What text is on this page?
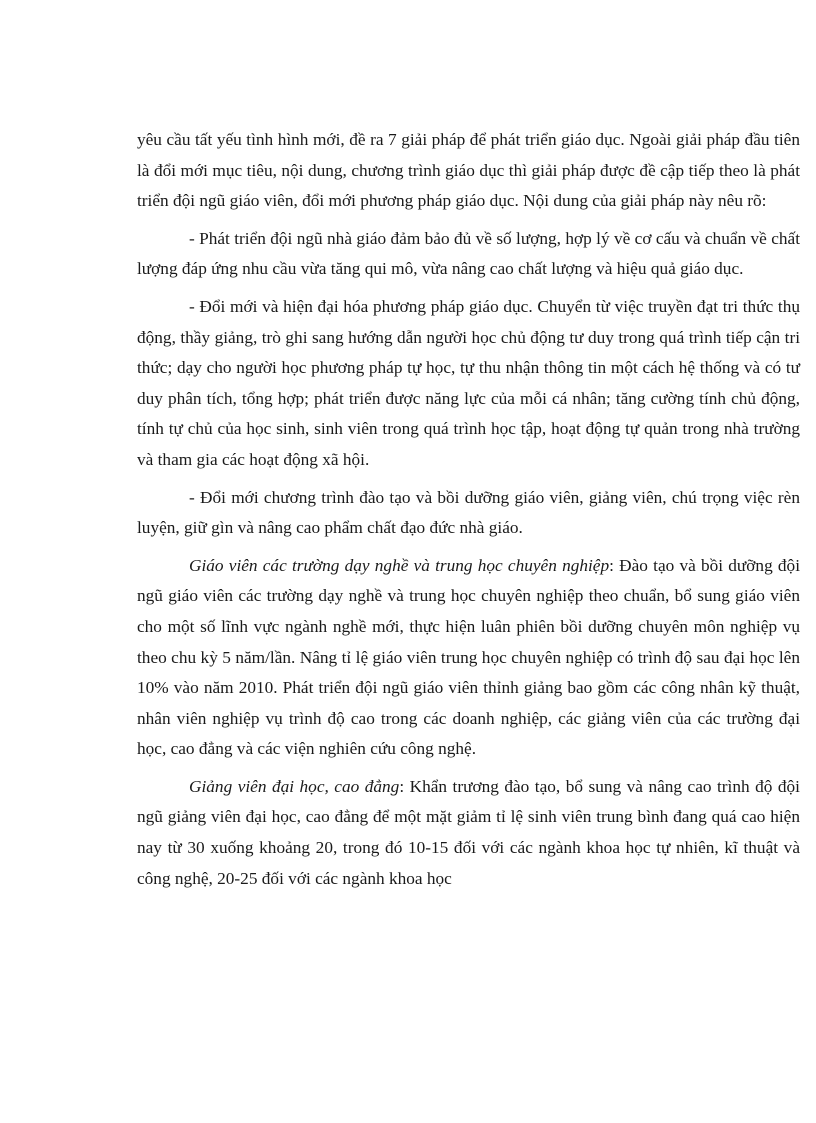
yêu cầu tất yếu tình hình mới, đề ra 7 giải pháp để phát triển giáo dục. Ngoài giải pháp đầu tiên là đổi mới mục tiêu, nội dung, chương trình giáo dục thì giải pháp được đề cập tiếp theo là phát triển đội ngũ giáo viên, đổi mới phương pháp giáo dục. Nội dung của giải pháp này nêu rõ:

- Phát triển đội ngũ nhà giáo đảm bảo đủ về số lượng, hợp lý về cơ cấu và chuẩn về chất lượng đáp ứng nhu cầu vừa tăng qui mô, vừa nâng cao chất lượng và hiệu quả giáo dục.

- Đổi mới và hiện đại hóa phương pháp giáo dục. Chuyển từ việc truyền đạt tri thức thụ động, thầy giảng, trò ghi sang hướng dẫn người học chủ động tư duy trong quá trình tiếp cận tri thức; dạy cho người học phương pháp tự học, tự thu nhận thông tin một cách hệ thống và có tư duy phân tích, tổng hợp; phát triển được năng lực của mỗi cá nhân; tăng cường tính chủ động, tính tự chủ của học sinh, sinh viên trong quá trình học tập, hoạt động tự quản trong nhà trường và tham gia các hoạt động xã hội.

- Đổi mới chương trình đào tạo và bồi dưỡng giáo viên, giảng viên, chú trọng việc rèn luyện, giữ gìn và nâng cao phẩm chất đạo đức nhà giáo.

Giáo viên các trường dạy nghề và trung học chuyên nghiệp: Đào tạo và bồi dưỡng đội ngũ giáo viên các trường dạy nghề và trung học chuyên nghiệp theo chuẩn, bổ sung giáo viên cho một số lĩnh vực ngành nghề mới, thực hiện luân phiên bồi dưỡng chuyên môn nghiệp vụ theo chu kỳ 5 năm/lần. Nâng tỉ lệ giáo viên trung học chuyên nghiệp có trình độ sau đại học lên 10% vào năm 2010. Phát triển đội ngũ giáo viên thỉnh giảng bao gồm các công nhân kỹ thuật, nhân viên nghiệp vụ trình độ cao trong các doanh nghiệp, các giảng viên của các trường đại học, cao đẳng và các viện nghiên cứu công nghệ.

Giảng viên đại học, cao đẳng: Khẩn trương đào tạo, bổ sung và nâng cao trình độ đội ngũ giảng viên đại học, cao đẳng để một mặt giảm tỉ lệ sinh viên trung bình đang quá cao hiện nay từ 30 xuống khoảng 20, trong đó 10-15 đối với các ngành khoa học tự nhiên, kĩ thuật và công nghệ, 20-25 đối với các ngành khoa học
